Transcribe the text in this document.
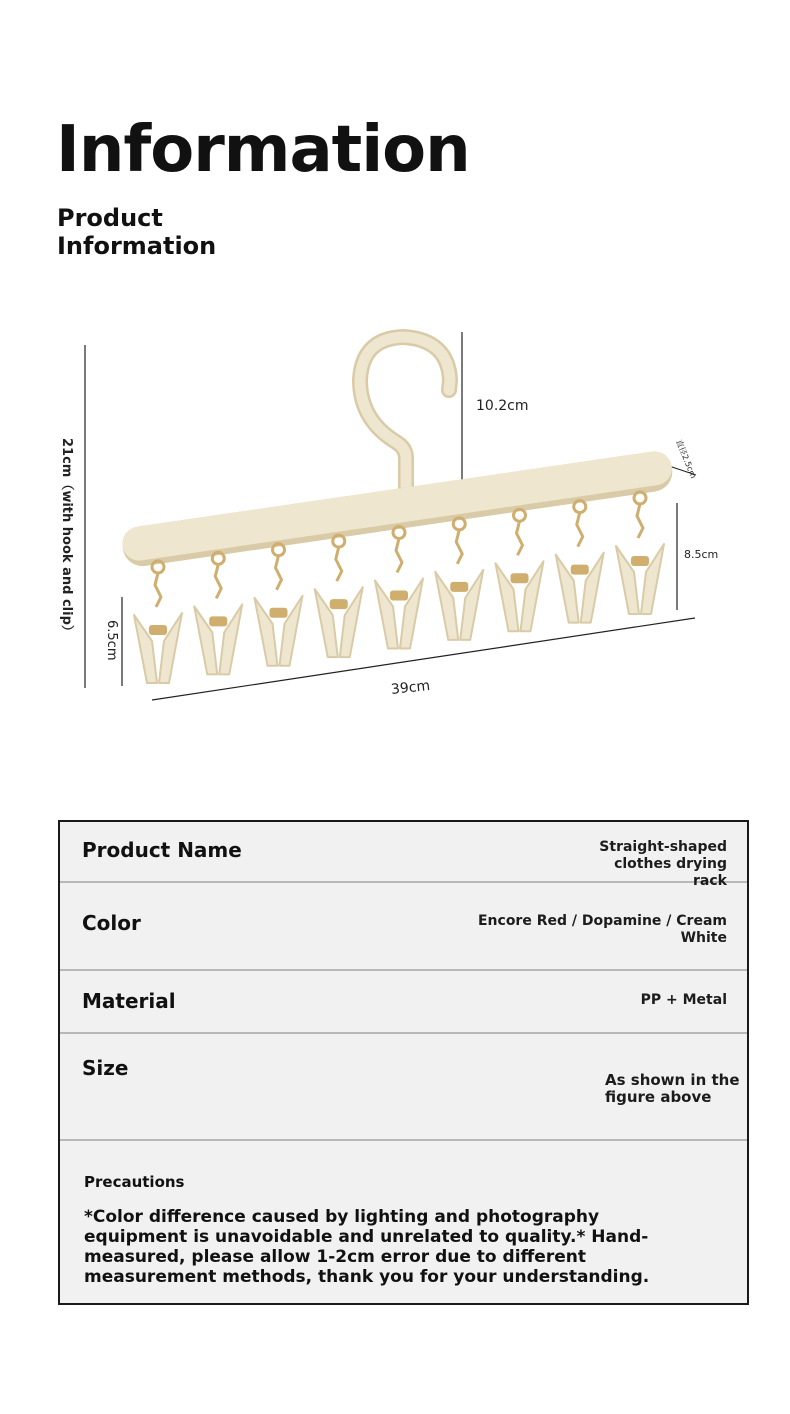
Information
Product Information
10.2cm
8.5cm
39cm
直径2.5cm
6.5cm
21cm（with hook and clip）
Product Name	Straight-shaped clothes drying rack
Color	Encore Red / Dopamine / Cream White
Material	PP + Metal
Size	As shown in the figure above
Precautions
*Color difference caused by lighting and photography equipment is unavoidable and unrelated to quality.* Hand-measured, please allow 1-2cm error due to different measurement methods, thank you for your understanding.
